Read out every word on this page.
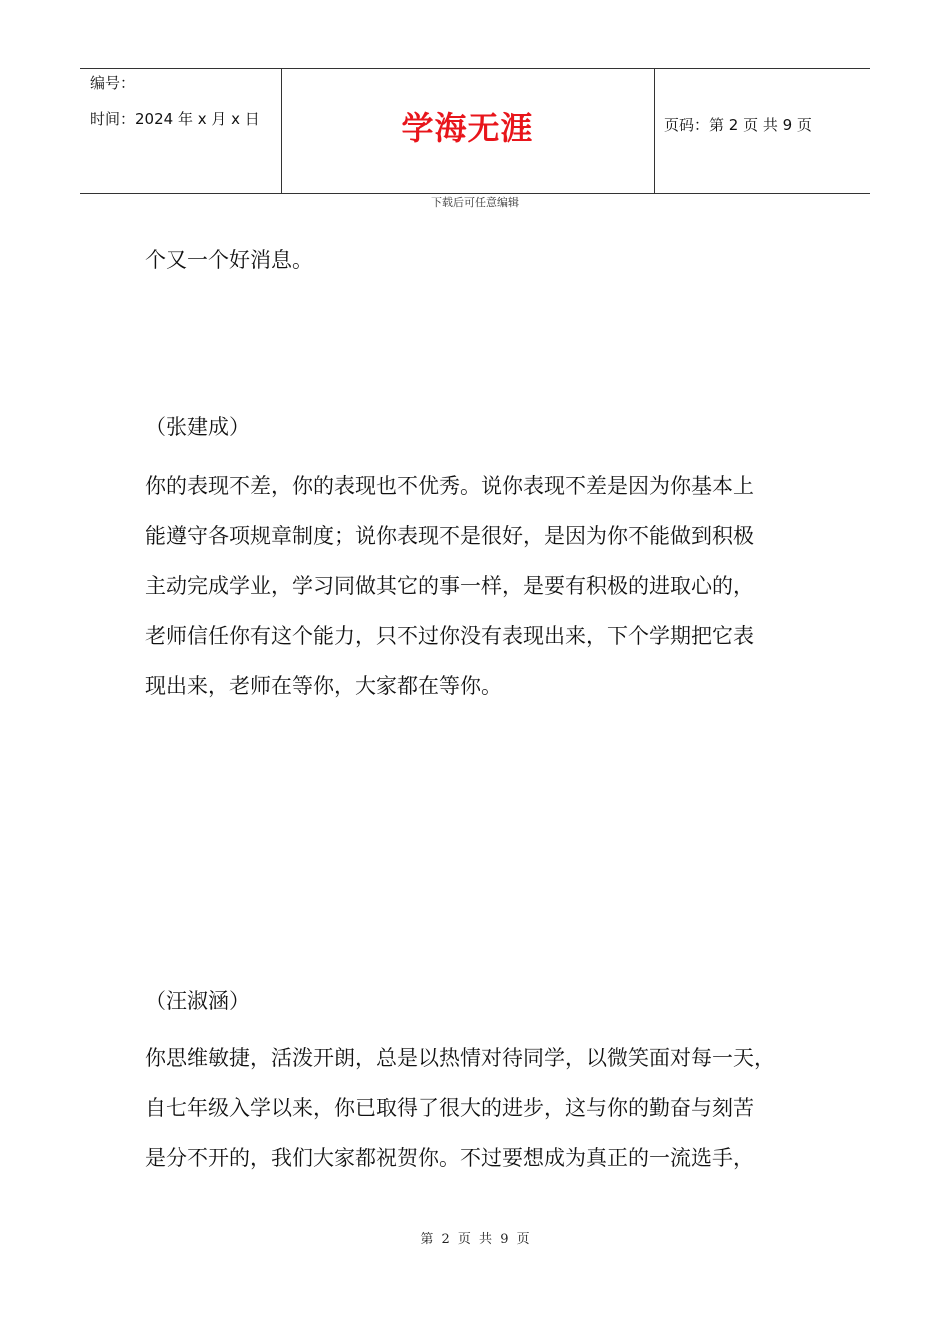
编号：
时间：2024 年 x 月 x 日	学海无涯	页码：第 2 页 共 9 页
下载后可任意编辑
个又一个好消息。
（张建成）
你的表现不差，你的表现也不优秀。说你表现不差是因为你基本上
能遵守各项规章制度；说你表现不是很好，是因为你不能做到积极
主动完成学业，学习同做其它的事一样，是要有积极的进取心的，
老师信任你有这个能力，只不过你没有表现出来，下个学期把它表
现出来，老师在等你，大家都在等你。
（汪淑涵）
你思维敏捷，活泼开朗，总是以热情对待同学，以微笑面对每一天，
自七年级入学以来，你已取得了很大的进步，这与你的勤奋与刻苦
是分不开的，我们大家都祝贺你。不过要想成为真正的一流选手，
第 2 页 共 9 页
